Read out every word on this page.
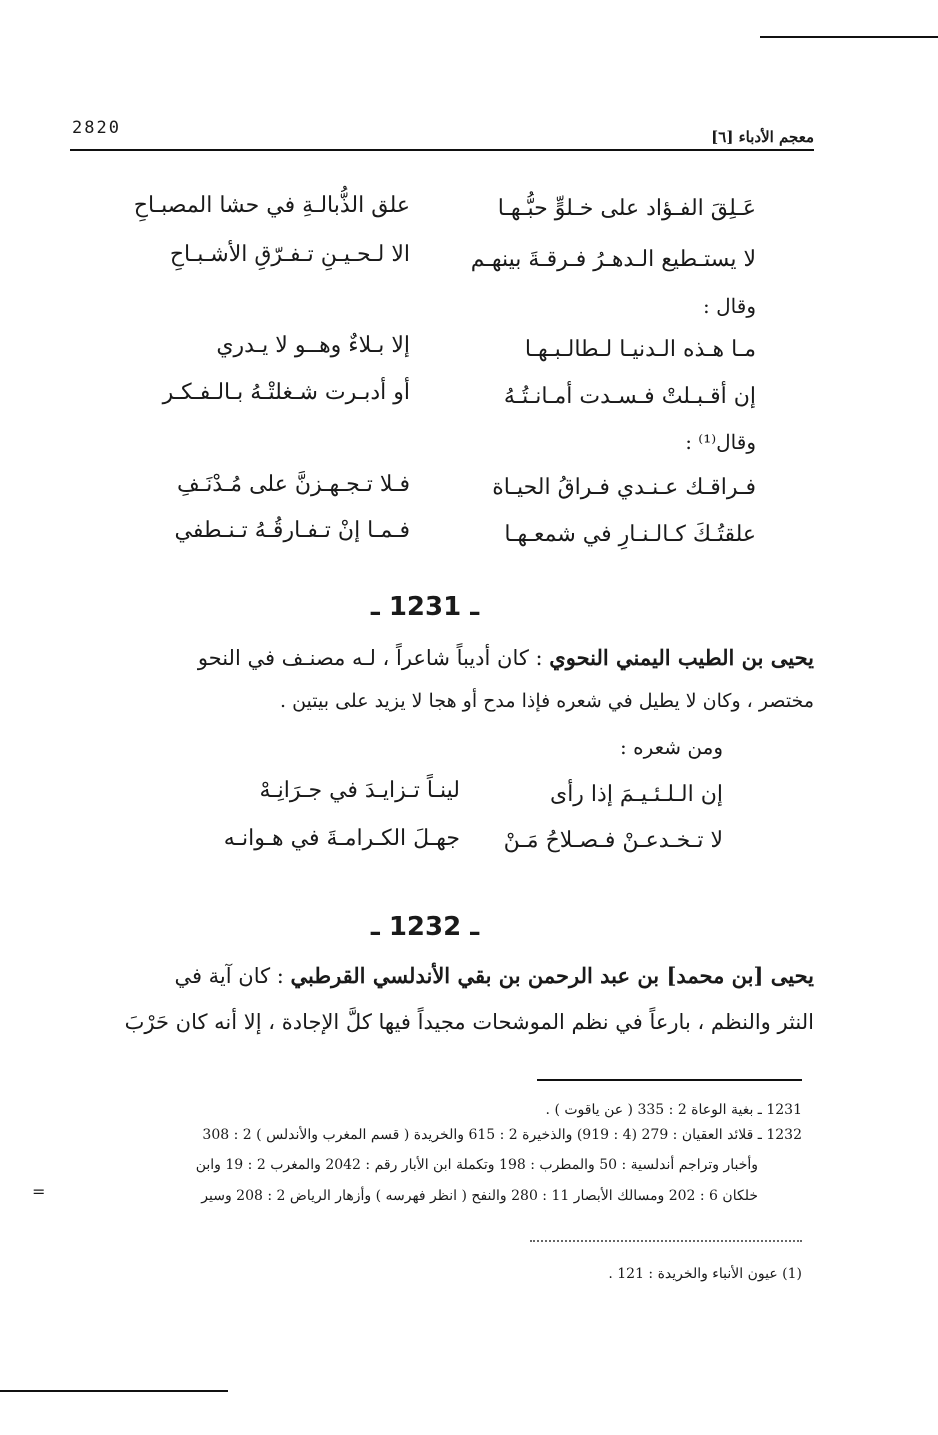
2820	معجم الأدباء [٦]
عَـلِقَ الفـؤاد على خـلوٍّ حبُّـهـا
علق الذُّبالـةِ في حشا المصبـاحِ
لا يستـطيع الـدهـرُ فـرقـةَ بينهـم
الا لـحـيـنِ تـفـرّقِ الأشـبـاحِ
وقال :
مـا هـذه الـدنيـا لـطالـبـهـا
إلا بـلاءٌ وهــو لا يـدري
إن أقـبـلتْ فـسـدت أمـانـتُـهُ
أو أدبـرت شـغلتْـهُ بـالـفـكـر
وقال⁽¹⁾ :
فـراقـك عـنـدي فـراقُ الحيـاة
فـلا تـجـهـزنَّ على مُـدْنَـفِ
علقتُـكَ كـالـنـارِ في شمعـهـا
فـمـا إنْ تـفـارقُـهُ تـنـطفي
ـ 1231 ـ
يحيى بن الطيب اليمني النحوي : كان أديباً شاعراً ، لـه مصنـف في النحو
مختصر ، وكان لا يطيل في شعره فإذا مدح أو هجا لا يزيد على بيتين .
ومن شعره :
إن الـلـئـيـمَ إذا رأى
لينـاً تـزايـدَ في جـرَانِـهْ
لا تـخـدعـنْ فـصـلاحُ مَـنْ
جهـلَ الكـرامـةَ في هـوانـه
ـ 1232 ـ
يحيى [بن محمد] بن عبد الرحمن بن بقي الأندلسي القرطبي : كان آية في
النثر والنظم ، بارعاً في نظم الموشحات مجيداً فيها كلَّ الإجادة ، إلا أنه كان حَرْبَ
1231 ـ بغية الوعاة 2 : 335 ( عن ياقوت ) .
1232 ـ قلائد العقيان : 279 (4 : 919) والذخيرة 2 : 615 والخريدة ( قسم المغرب والأندلس ) 2 : 308
وأخبار وتراجم أندلسية : 50 والمطرب : 198 وتكملة ابن الأبار رقم : 2042 والمغرب 2 : 19 وابن
خلكان 6 : 202 ومسالك الأبصار 11 : 280 والنفح ( انظر فهرسه ) وأزهار الرياض 2 : 208 وسير
=
(1) عيون الأنباء والخريدة : 121 .
